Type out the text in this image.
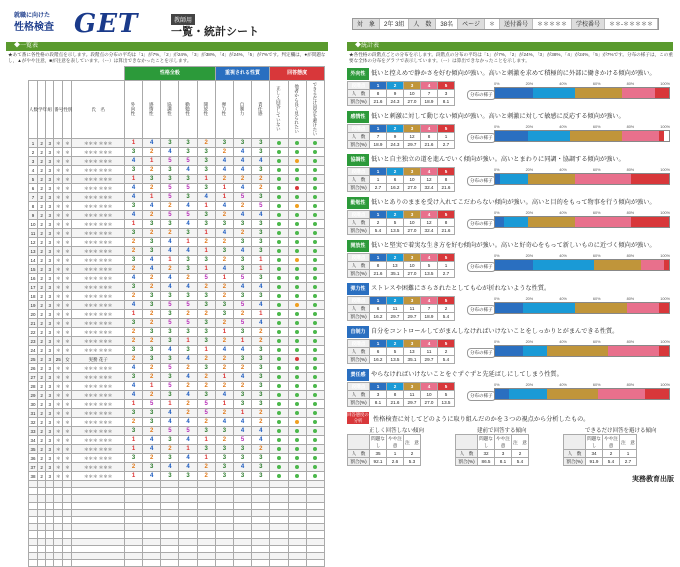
就職に向けた
性格検査 GET	教師用
一覧・統計シート
対　象	2年 3組	人　数	38名	ページ	＊	送付番号	＊＊＊＊＊	学校番号	＊＊-＊＊＊＊＊
◆一覧表
★あて番に各性格の段階点を示します。段階点の分布の平均は「1」が7%，「2」が24%，「3」が38%，「4」が24%，「5」が7%です。判定欄は，●が問題なし，▲がやや注意，■が注意を表しています。（ー）は算出できなかったことを示します。
						性格全般					重視される性質			回答態度		
人数	学年	組	番号	性別	氏　名	外向性	感情性	協調性	勤勉性	開放性	弾力性	自制力	責任感	正しく回答していない	他者から良く見られたい	できるだけ回答を避けたい
1	2	3	＊	＊	＊＊＊ ＊＊＊	1	4	3	3	2	3	3	3			
2	2	3	＊	＊	＊＊＊ ＊＊＊	3	2	4	3	3	2	4	3			
3	2	3	＊	＊	＊＊＊ ＊＊＊	4	1	5	5	3	4	4	4			
4	2	3	＊	＊	＊＊＊ ＊＊＊	3	2	3	4	3	4	4	3			
5	2	3	＊	＊	＊＊＊ ＊＊＊	1	3	3	3	1	2	2	2			
6	2	3	＊	＊	＊＊＊ ＊＊＊	4	2	5	5	3	1	4	2			
7	2	3	＊	＊	＊＊＊ ＊＊＊	4	1	5	3	4	1	5	3			
8	2	3	＊	＊	＊＊＊ ＊＊＊	3	4	2	4	1	4	2	5			
9	2	3	＊	＊	＊＊＊ ＊＊＊	4	2	5	5	3	2	4	4			
10	2	3	＊	＊	＊＊＊ ＊＊＊	1	3	3	4	3	3	3	3			
11	2	3	＊	＊	＊＊＊ ＊＊＊	3	2	2	3	1	4	2	3			
12	2	3	＊	＊	＊＊＊ ＊＊＊	2	3	4	1	2	2	3	3			
13	2	3	＊	＊	＊＊＊ ＊＊＊	2	3	4	4	1	3	4	3			
14	2	3	＊	＊	＊＊＊ ＊＊＊	3	4	1	3	3	2	3	1			
15	2	3	＊	＊	＊＊＊ ＊＊＊	2	4	2	3	1	4	3	1			
16	2	3	＊	＊	＊＊＊ ＊＊＊	4	2	4	2	5	1	5	3			
17	2	3	＊	＊	＊＊＊ ＊＊＊	3	2	4	4	2	2	4	4			
18	2	3	＊	＊	＊＊＊ ＊＊＊	2	3	3	3	3	2	3	3			
19	2	3	＊	＊	＊＊＊ ＊＊＊	4	3	5	5	3	3	5	4			
20	2	3	＊	＊	＊＊＊ ＊＊＊	1	2	3	2	2	3	2	1			
21	2	3	＊	＊	＊＊＊ ＊＊＊	3	2	5	5	3	2	5	4			
22	2	3	＊	＊	＊＊＊ ＊＊＊	2	3	3	3	3	1	3	2			
23	2	3	＊	＊	＊＊＊ ＊＊＊	2	2	3	1	3	2	1	2			
24	2	3	＊	＊	＊＊＊ ＊＊＊	3	3	4	3	1	4	4	3			
25	2	3	25	女	実務 花子	2	3	3	4	2	2	3	3			
26	2	3	＊	＊	＊＊＊ ＊＊＊	4	2	5	2	3	2	2	3			
27	2	3	＊	＊	＊＊＊ ＊＊＊	3	2	3	4	2	1	4	3			
28	2	3	＊	＊	＊＊＊ ＊＊＊	4	1	5	2	2	2	2	3			
29	2	3	＊	＊	＊＊＊ ＊＊＊	4	2	3	4	3	4	3	3			
30	2	3	＊	＊	＊＊＊ ＊＊＊	1	5	1	2	5	1	3	3			
31	2	3	＊	＊	＊＊＊ ＊＊＊	3	3	4	2	5	2	1	2			
32	2	3	＊	＊	＊＊＊ ＊＊＊	2	3	4	4	2	4	4	2			
33	2	3	＊	＊	＊＊＊ ＊＊＊	3	2	5	5	3	3	4	4			
34	2	3	＊	＊	＊＊＊ ＊＊＊	1	4	3	4	1	2	5	4			
35	2	3	＊	＊	＊＊＊ ＊＊＊	1	4	2	1	3	3	3	2			
36	2	3	＊	＊	＊＊＊ ＊＊＊	3	2	3	4	1	3	3	3			
37	2	3	＊	＊	＊＊＊ ＊＊＊	2	3	4	4	2	3	4	3			
38	2	3	＊	＊	＊＊＊ ＊＊＊	1	4	3	3	2	3	3	3			

◆統計表
★各性格の段階点ごとの分布を示します。段階点の分布の平均は「1」が7%，「2」が24%，「3」が38%，「4」が24%，「5」が7%です。分布の様子は，この重要な全体の分布をグラフで表示しています。（ー）は算出できなかったことを示します。
外向性 低いと控えめで静かさを好む傾向が強い。高いと刺激を求めて積極的に外部に働きかける傾向が強い。
段階点	1	2	3	4	5
人　数	8	9	10	7	3
割合(%)	21.6	24.3	27.0	18.9	8.1
分布の様子
0%	20%	40%	60%	80%	100%
感情性 低いと刺激に対して動じない傾向が強い。高いと刺激に対して敏感に反応する傾向が強い。
段階点	1	2	3	4	5
人　数	7	9	12	8	1
割合(%)	18.9	24.3	29.7	21.6	2.7
分布の様子
0%	20%	40%	60%	80%	100%
協調性 低いと自主独立の道を進んでいく傾向が強い。高いとまわりに同調・協調する傾向が強い。
段階点	1	2	3	4	5
人　数	1	6	10	12	8
割合(%)	2.7	16.2	27.0	32.4	21.6
分布の様子
0%	20%	40%	60%	80%	100%
勤勉性 低いとありのままを受け入れてこだわらない傾向が強い。高いと目的をもって物事を行う傾向が強い。
段階点	1	2	3	4	5
人　数	2	5	10	12	8
割合(%)	5.4	13.5	27.0	32.4	21.6
分布の様子
0%	20%	40%	60%	80%	100%
開放性 低いと堅実で着実な生き方を好む傾向が強い。高いと好奇心をもって新しいものに近づく傾向が強い。
段階点	1	2	3	4	5
人　数	8	13	10	5	1
割合(%)	21.6	35.1	27.0	13.5	2.7
分布の様子
0%	20%	40%	60%	80%	100%
弾力性 ストレスや困難にさらされたとしても心が折れないような性質。
段階点	1	2	3	4	5
人　数	6	11	11	7	2
割合(%)	16.2	29.7	29.7	18.9	5.4
分布の様子
0%	20%	40%	60%	80%	100%
自制力 自分をコントロールしてがまんしなければいけないことをしっかりとがまんできる性質。
段階点	1	2	3	4	5
人　数	6	5	13	11	2
割合(%)	16.2	13.5	35.1	29.7	5.4
分布の様子
0%	20%	40%	60%	80%	100%
責任感 やらなければいけないことをぐずぐずと先延ばしにしてしまう性質。
段階点	1	2	3	4	5
人　数	3	8	11	10	5
割合(%)	8.1	21.6	29.7	27.0	13.5
分布の様子
0%	20%	40%	60%	80%	100%
回答態度の分析	性格検査に対してどのように取り組んだのかを３つの視点から分析したもの。
正しく回答しない傾向
	問題なし	やや注意	注　意
人　数	35	1	2
割合(%)	92.1	2.6	5.3
建前で回答する傾向
	問題なし	やや注意	注　意
人　数	32	3	2
割合(%)	86.5	8.1	5.4
できるだけ回答を避ける傾向
	問題なし	やや注意	注　意
人　数	34	2	1
割合(%)	91.9	5.4	2.7
実務教育出版
